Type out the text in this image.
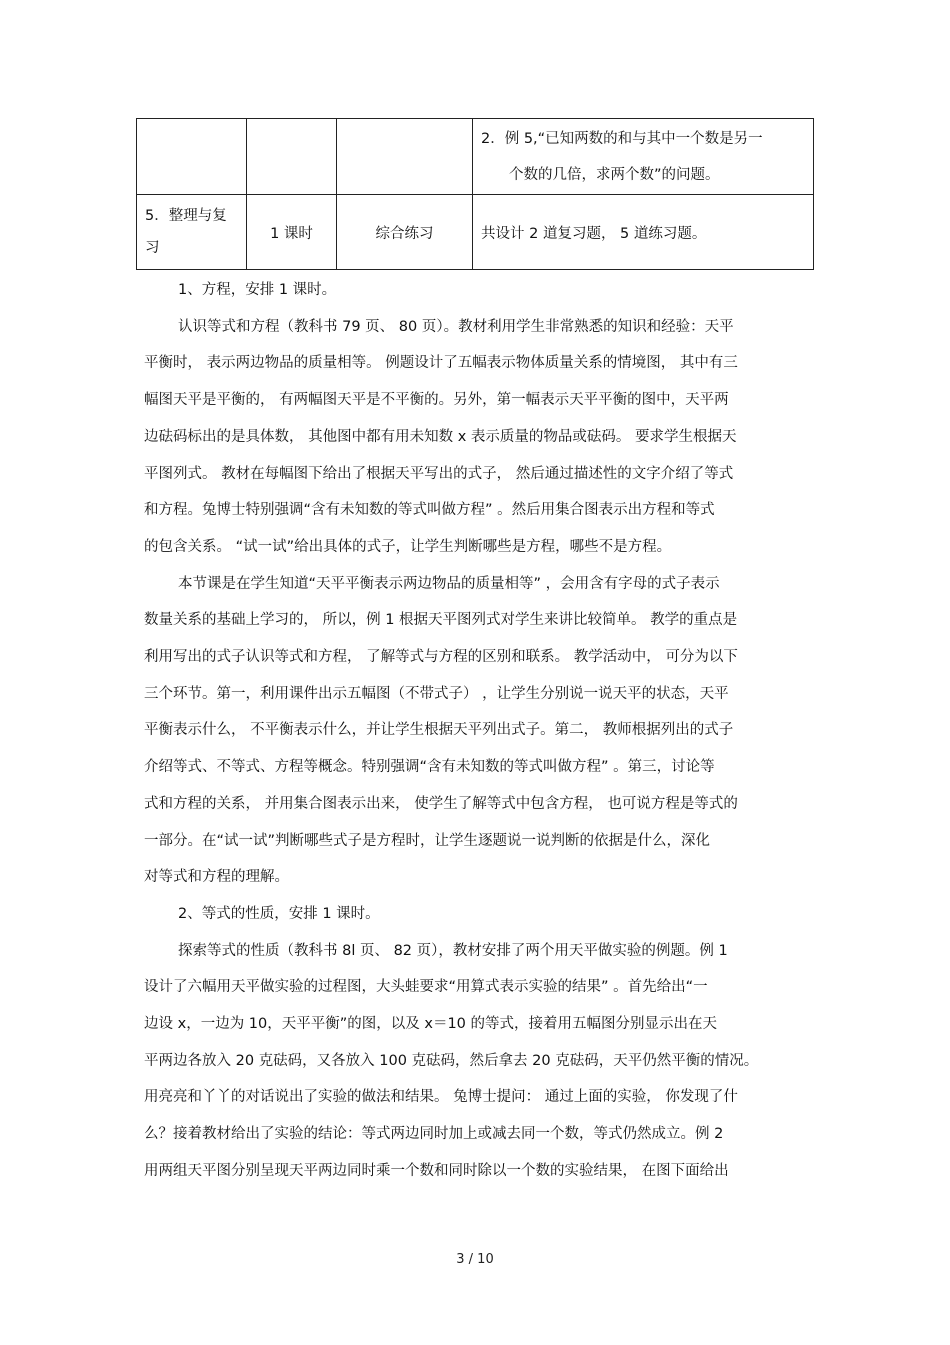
			2．例 5,“已知两数的和与其中一个数是另一

个数的几倍，求两个数”的问题。

5．整理与复习	1 课时	综合练习	共设计 2 道复习题， 5 道练习题。

1、方程，安排 1 课时。

认识等式和方程（教科书 79 页、 80 页）。教材利用学生非常熟悉的知识和经验：天平

平衡时， 表示两边物品的质量相等。 例题设计了五幅表示物体质量关系的情境图， 其中有三

幅图天平是平衡的， 有两幅图天平是不平衡的。另外，第一幅表示天平平衡的图中，天平两

边砝码标出的是具体数， 其他图中都有用未知数 x 表示质量的物品或砝码。 要求学生根据天

平图列式。 教材在每幅图下给出了根据天平写出的式子， 然后通过描述性的文字介绍了等式

和方程。兔博士特别强调“含有未知数的等式叫做方程” 。然后用集合图表示出方程和等式

的包含关系。 “试一试”给出具体的式子，让学生判断哪些是方程，哪些不是方程。

本节课是在学生知道“天平平衡表示两边物品的质量相等” ，会用含有字母的式子表示

数量关系的基础上学习的， 所以，例 1 根据天平图列式对学生来讲比较简单。 教学的重点是

利用写出的式子认识等式和方程， 了解等式与方程的区别和联系。 教学活动中， 可分为以下

三个环节。第一，利用课件出示五幅图（不带式子） ，让学生分别说一说天平的状态，天平

平衡表示什么， 不平衡表示什么，并让学生根据天平列出式子。第二， 教师根据列出的式子

介绍等式、不等式、方程等概念。特别强调“含有未知数的等式叫做方程” 。第三，讨论等

式和方程的关系， 并用集合图表示出来， 使学生了解等式中包含方程， 也可说方程是等式的

一部分。在“试一试”判断哪些式子是方程时，让学生逐题说一说判断的依据是什么，深化

对等式和方程的理解。

2、等式的性质，安排 1 课时。

探索等式的性质（教科书 8l 页、 82 页），教材安排了两个用天平做实验的例题。例 1

设计了六幅用天平做实验的过程图，大头蛙要求“用算式表示实验的结果” 。首先给出“一

边设 x，一边为 10，天平平衡”的图，以及 x＝10 的等式，接着用五幅图分别显示出在天

平两边各放入 20 克砝码，又各放入 100 克砝码，然后拿去 20 克砝码，天平仍然平衡的情况。

用亮亮和丫丫的对话说出了实验的做法和结果。 兔博士提问： 通过上面的实验， 你发现了什

么？接着教材给出了实验的结论：等式两边同时加上或减去同一个数，等式仍然成立。例 2

用两组天平图分别呈现天平两边同时乘一个数和同时除以一个数的实验结果， 在图下面给出

3 / 10
